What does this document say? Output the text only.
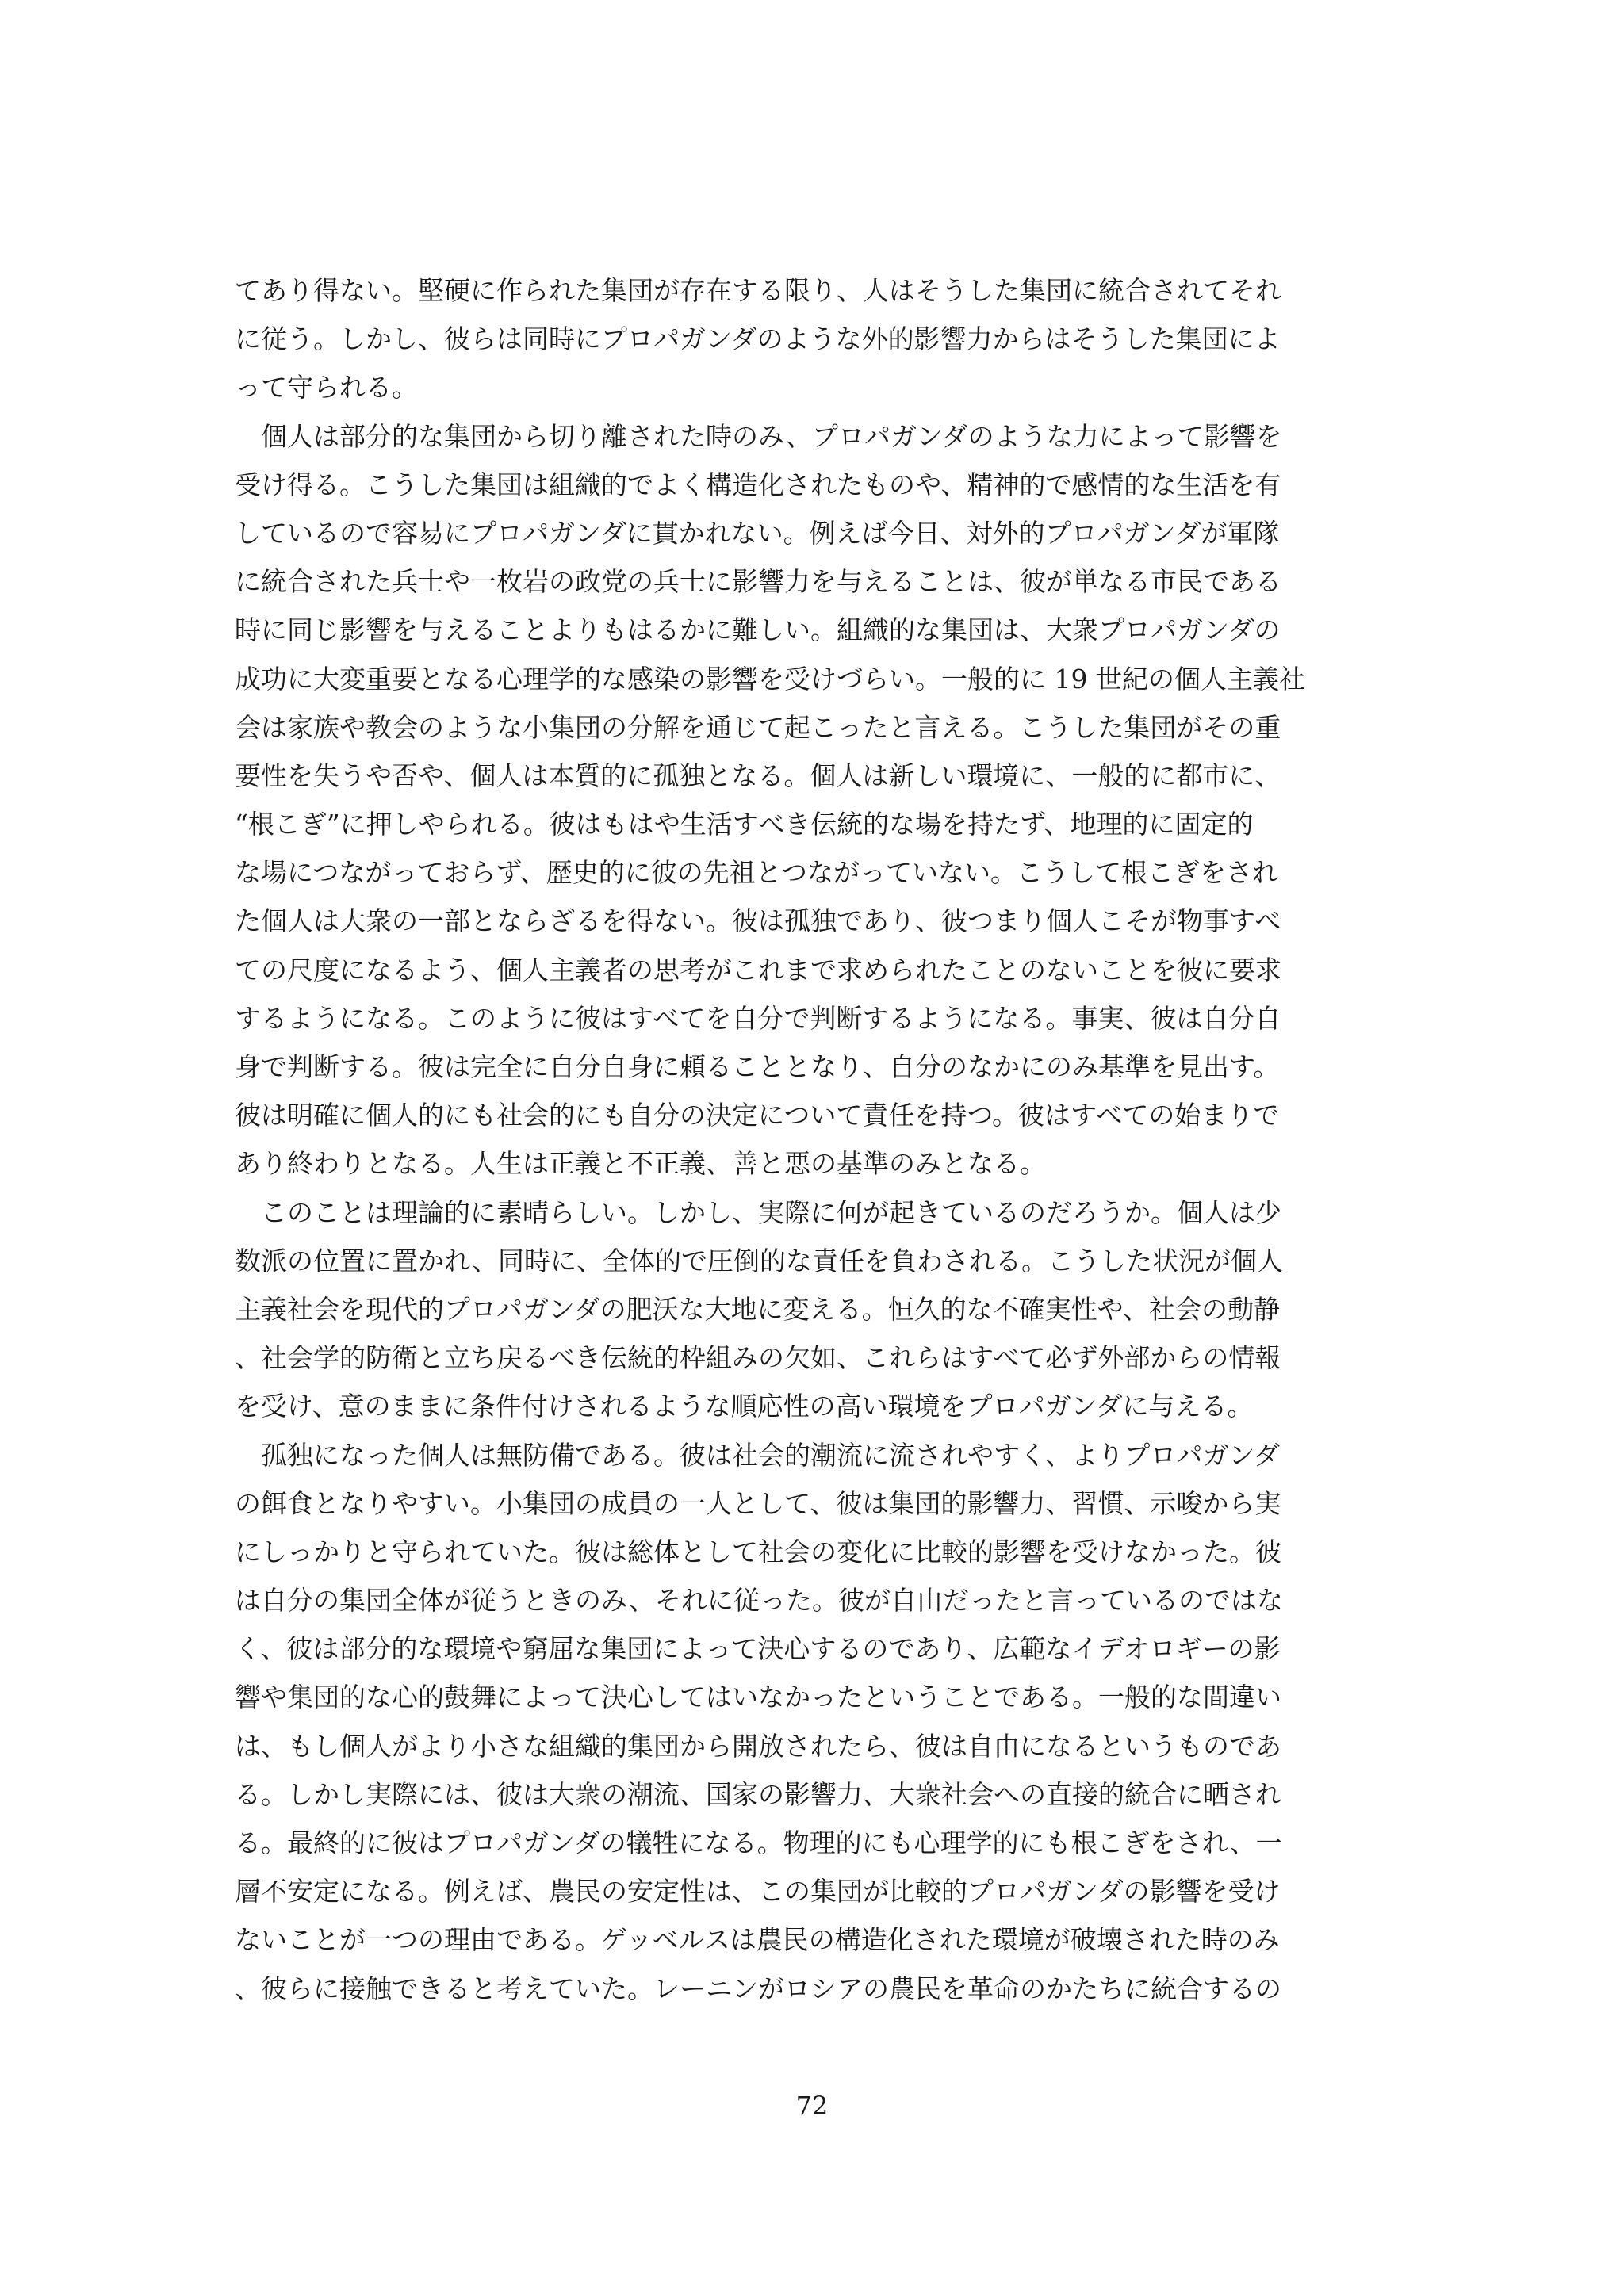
てあり得ない。堅硬に作られた集団が存在する限り、人はそうした集団に統合されてそれ
に従う。しかし、彼らは同時にプロパガンダのような外的影響力からはそうした集団によ
って守られる。
個人は部分的な集団から切り離された時のみ、プロパガンダのような力によって影響を
受け得る。こうした集団は組織的でよく構造化されたものや、精神的で感情的な生活を有
しているので容易にプロパガンダに貫かれない。例えば今日、対外的プロパガンダが軍隊
に統合された兵士や一枚岩の政党の兵士に影響力を与えることは、彼が単なる市民である
時に同じ影響を与えることよりもはるかに難しい。組織的な集団は、大衆プロパガンダの
成功に大変重要となる心理学的な感染の影響を受けづらい。一般的に 19 世紀の個人主義社
会は家族や教会のような小集団の分解を通じて起こったと言える。こうした集団がその重
要性を失うや否や、個人は本質的に孤独となる。個人は新しい環境に、一般的に都市に、
“根こぎ”に押しやられる。彼はもはや生活すべき伝統的な場を持たず、地理的に固定的
な場につながっておらず、歴史的に彼の先祖とつながっていない。こうして根こぎをされ
た個人は大衆の一部とならざるを得ない。彼は孤独であり、彼つまり個人こそが物事すべ
ての尺度になるよう、個人主義者の思考がこれまで求められたことのないことを彼に要求
するようになる。このように彼はすべてを自分で判断するようになる。事実、彼は自分自
身で判断する。彼は完全に自分自身に頼ることとなり、自分のなかにのみ基準を見出す。
彼は明確に個人的にも社会的にも自分の決定について責任を持つ。彼はすべての始まりで
あり終わりとなる。人生は正義と不正義、善と悪の基準のみとなる。
このことは理論的に素晴らしい。しかし、実際に何が起きているのだろうか。個人は少
数派の位置に置かれ、同時に、全体的で圧倒的な責任を負わされる。こうした状況が個人
主義社会を現代的プロパガンダの肥沃な大地に変える。恒久的な不確実性や、社会の動静
、社会学的防衛と立ち戻るべき伝統的枠組みの欠如、これらはすべて必ず外部からの情報
を受け、意のままに条件付けされるような順応性の高い環境をプロパガンダに与える。
孤独になった個人は無防備である。彼は社会的潮流に流されやすく、よりプロパガンダ
の餌食となりやすい。小集団の成員の一人として、彼は集団的影響力、習慣、示唆から実
にしっかりと守られていた。彼は総体として社会の変化に比較的影響を受けなかった。彼
は自分の集団全体が従うときのみ、それに従った。彼が自由だったと言っているのではな
く、彼は部分的な環境や窮屈な集団によって決心するのであり、広範なイデオロギーの影
響や集団的な心的鼓舞によって決心してはいなかったということである。一般的な間違い
は、もし個人がより小さな組織的集団から開放されたら、彼は自由になるというものであ
る。しかし実際には、彼は大衆の潮流、国家の影響力、大衆社会への直接的統合に晒され
る。最終的に彼はプロパガンダの犠牲になる。物理的にも心理学的にも根こぎをされ、一
層不安定になる。例えば、農民の安定性は、この集団が比較的プロパガンダの影響を受け
ないことが一つの理由である。ゲッベルスは農民の構造化された環境が破壊された時のみ
、彼らに接触できると考えていた。レーニンがロシアの農民を革命のかたちに統合するの
72
